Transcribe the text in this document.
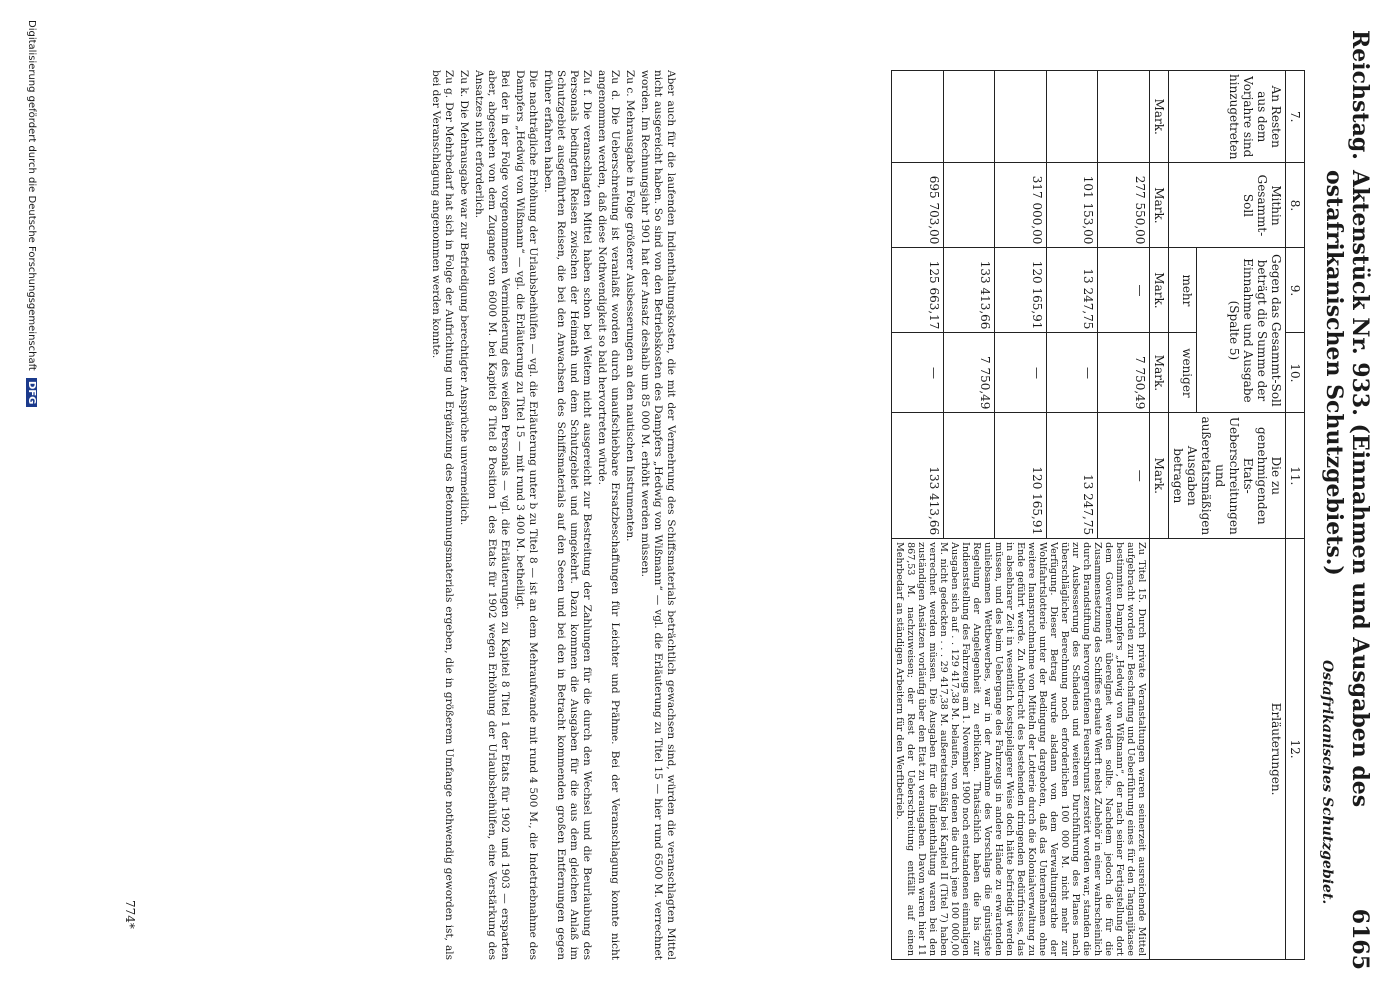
Reichstag.
Aktenstück Nr. 933. (Einnahmen und Ausgaben des ostafrikanischen Schutzgebiets.)
6165
Ostafrikanisches Schutzgebiet.
7.	8.	9.	10.	11.	12.
An Resten aus dem Vorjahre sind hinzugetreten	Mithin Gesammt-Soll	Gegen das Gesammt-Soll beträgt die Summe der Einnahme und Ausgabe (Spalte 5)		Die zu genehmigenden Etats-Ueberschreitungen und außeretatsmäßigen Ausgaben betragen	Erläuterungen.
		mehr	weniger		
Mark.	Mark.	Mark.	Mark.	Mark.	
	277 550,00	—	7 750,49	—	Zu Titel 15. Durch private Veranstaltungen waren seinerzeit ausreichende Mittel aufgebracht worden zur Beschaffung und Ueberführung eines für den Tanganjikasee bestimmten Dampfers „Hedwig von Wißmann“, der nach seiner Fertigstellung dort dem Gouvernement überelgnet werden sollte. Nachdem jedoch die für die Zusammensetzung des Schiffes erbaute Werft nebst Zubehör in einer wahrscheinlich durch Brandstiftung hervorgerufenen Feuersbrunst zerstört worden war, standen die zur Ausbesserung des Schadens und weiteren Durchführung des Planes nach überschläglicher Berechnung noch erforderlichen 100 000 M. nicht mehr zur Verfügung. Dieser Betrag wurde alsdann von dem Verwaltungsrathe der Wohlfahrtslotterie unter der Bedingung dargeboten, daß das Unternehmen ohne weitere Inanspruchnahme von Mitteln der Lotterie durch die Kolonialverwaltung zu Ende geführt werde. Zu Anbetracht des bestehenden dringenden Bedürfnisses, das in absehbarer Zeit in wesentlich kostspieligerer Weise doch hätte befriedigt werden müssen, und des beim Uebergange des Fahrzeugs in andere Hände zu erwartenden unliebsamen Wettbewerbes, war in der Annahme des Vorschlags die günstigste Regelung der Angelegenheit zu erblicken. Thatsächlich haben die bis zur Indienststellung des Fahrzeugs am 1. November 1900 noch entstandenen einmaligen Ausgaben sich auf . . 129 417,38 M. belaufen, von denen die durch jene 100 000,00 M. nicht gedeckten . . . 29 417,38 M. außeretatsmäßig bei Kapitel II (Titel 7) haben verrechnet werden müssen. Die Ausgaben für die Indienthaltung waren bei den zuständigen Ansätzen vorläufig über den Etat zu verausgaben. Davon waren hier 11 867,53 M. nachzuweisen; der Rest der Ueberschreitung entfällt auf einen Mehrbedarf an ständigen Arbeitern für den Werftbetrieb.
	101 153,00	13 247,75	—	13 247,75	
	317 000,00	120 165,91	—	120 165,91	
		133 413,66	7 750,49		
	695 703,00	125 663,17	—	133 413,66	

Aber auch für die laufenden Indienthaltungskosten, die mit der Vermehrung des Schiffsmaterials beträchtlich gewachsen sind, würden die veranschlagten Mittel nicht ausgereicht haben. So sind von den Betriebskosten des Dampfers „Hedwig von Wißmann“ — vgl. die Erläuterung zu Titel 15 — hier rund 6500 M. verrechnet worden. Im Rechnungsjahr 1901 hat der Ansatz deshalb um 85 000 M. erhöht werden müssen.

Zu c. Mehrausgabe in Folge größerer Ausbesserungen an den nautischen Instrumenten.

Zu d. Die Ueberschreitung ist veranlaßt worden durch unaufschiebbare Ersatzbeschaffungen für Leichter und Prähme. Bei der Veranschlagung konnte nicht angenommen werden, daß diese Nothwendigkeit so bald hervortreten würde.

Zu f. Die veranschlagten Mittel haben schon bei Weitem nicht ausgereicht zur Bestreitung der Zahlungen für die durch den Wechsel und die Beurlaubung des Personals bedingten Reisen zwischen der Heimath und dem Schutzgebiet und umgekehrt. Dazu kommen die Ausgaben für die aus dem gleichen Anlaß im Schutzgebiet ausgeführten Reisen, die bei den Anwachsen des Schiffsmaterials auf den Seeen und bei den in Betracht kommenden großen Entfernungen gegen früher erfahren haben.

Die nachträgliche Erhöhung der Urlaubsbeihülfen — vgl. die Erläuterung unter b zu Titel 8 — ist an dem Mehraufwande mit rund 4 500 M., die Indetriebnahme des Dampfers „Hedwig von Wißmann“ — vgl. die Erläuterung zu Titel 15 — mit rund 3 400 M. betheiligt.

Bei der in der Folge vorgenommenen Verminderung des weißen Personals — vgl. die Erläuterungen zu Kapitel 8 Titel 1 der Etats für 1902 und 1903 — ersparten aber, abgesehen von dem Zugange von 6000 M. bei Kapitel 8 Titel 8 Position 1 des Etats für 1902 wegen Erhöhung der Urlaubsbeihülfen, eine Verstärkung des Ansatzes nicht erforderlich.

Zu k. Die Mehrausgabe war zur Befriedigung berechtigter Ansprüche unvermeidlich.

Zu g. Der Mehrbedarf hat sich in Folge der Aufrichtung und Ergänzung des Betonmungsmaterials ergeben, die in größerem Umfange nothwendig geworden ist, als bei der Veranschlagung angenommen werden konnte.

774*
Digitalisierung gefördert durch die Deutsche Forschungsgemeinschaft DFG
